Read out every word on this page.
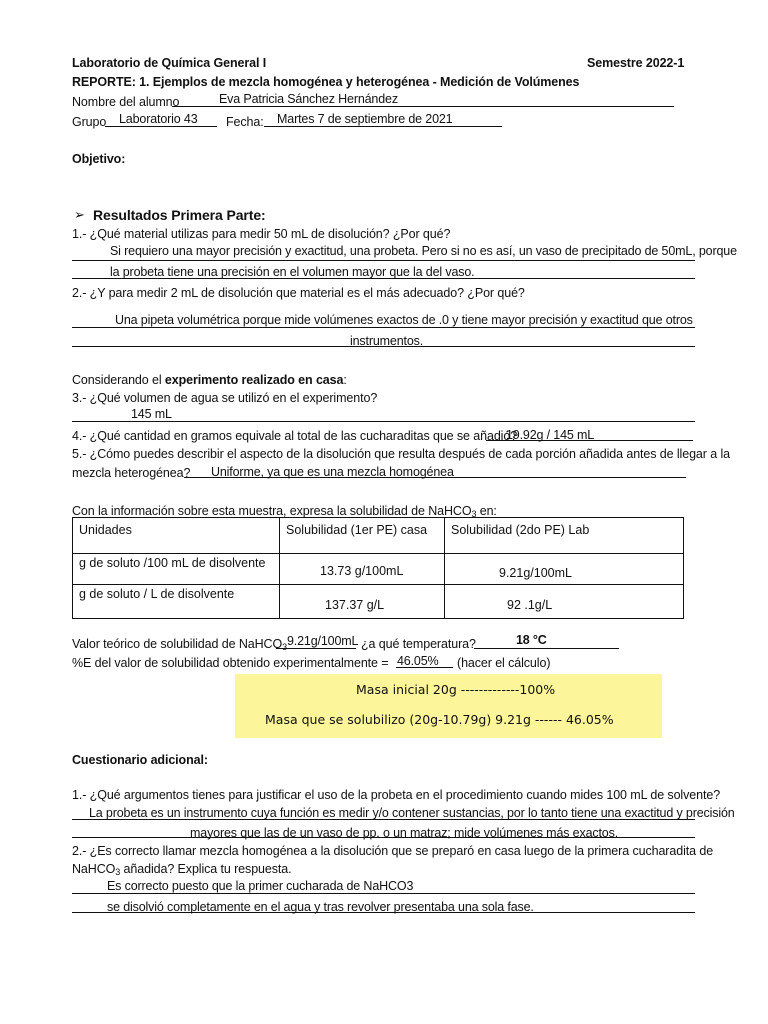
Laboratorio de Química General I	Semestre 2022-1
REPORTE: 1. Ejemplos de mezcla homogénea y heterogénea - Medición de Volúmenes
Nombre del alumno	Eva Patricia Sánchez Hernández
Grupo Laboratorio 43 Fecha: Martes 7 de septiembre de 2021
Objetivo:
➢ Resultados Primera Parte:
1.- ¿Qué material utilizas para medir 50 mL de disolución? ¿Por qué?
Si requiero una mayor precisión y exactitud, una probeta. Pero si no es así, un vaso de precipitado de 50mL, porque
la probeta tiene una precisión en el volumen mayor que la del vaso.
2.- ¿Y para medir 2 mL de disolución que material es el más adecuado? ¿Por qué?
Una pipeta volumétrica porque mide volúmenes exactos de .0 y tiene mayor precisión y exactitud que otros
instrumentos.
Considerando el experimento realizado en casa:
3.- ¿Qué volumen de agua se utilizó en el experimento?
145 mL
4.- ¿Qué cantidad en gramos equivale al total de las cucharaditas que se añadió?
19.92g / 145 mL
5.- ¿Cómo puedes describir el aspecto de la disolución que resulta después de cada porción añadida antes de llegar a la
mezcla heterogénea? Uniforme, ya que es una mezcla homogénea
Con la información sobre esta muestra, expresa la solubilidad de NaHCO$_3$ en:
Unidades	Solubilidad (1er PE) casa	Solubilidad (2do PE) Lab
g de soluto /100 mL de disolvente	13.73 g/100mL	9.21g/100mL
g de soluto / L de disolvente	137.37 g/L	92 .1g/L
Valor teórico de solubilidad de NaHCO$_3$ 9.21g/100mL ¿a qué temperatura?	18 °C
%E del valor de solubilidad obtenido experimentalmente = 46.05% (hacer el cálculo)
Masa inicial 20g -------------100%
Masa que se solubilizo (20g-10.79g) 9.21g ------ 46.05%
Cuestionario adicional:
1.- ¿Qué argumentos tienes para justificar el uso de la probeta en el procedimiento cuando mides 100 mL de solvente?
La probeta es un instrumento cuya función es medir y/o contener sustancias, por lo tanto tiene una exactitud y precisión
mayores que las de un vaso de pp. o un matraz; mide volúmenes más exactos.
2.- ¿Es correcto llamar mezcla homogénea a la disolución que se preparó en casa luego de la primera cucharadita de
NaHCO$_3$ añadida? Explica tu respuesta.
Es correcto puesto que la primer cucharada de NaHCO3
se disolvió completamente en el agua y tras revolver presentaba una sola fase.
